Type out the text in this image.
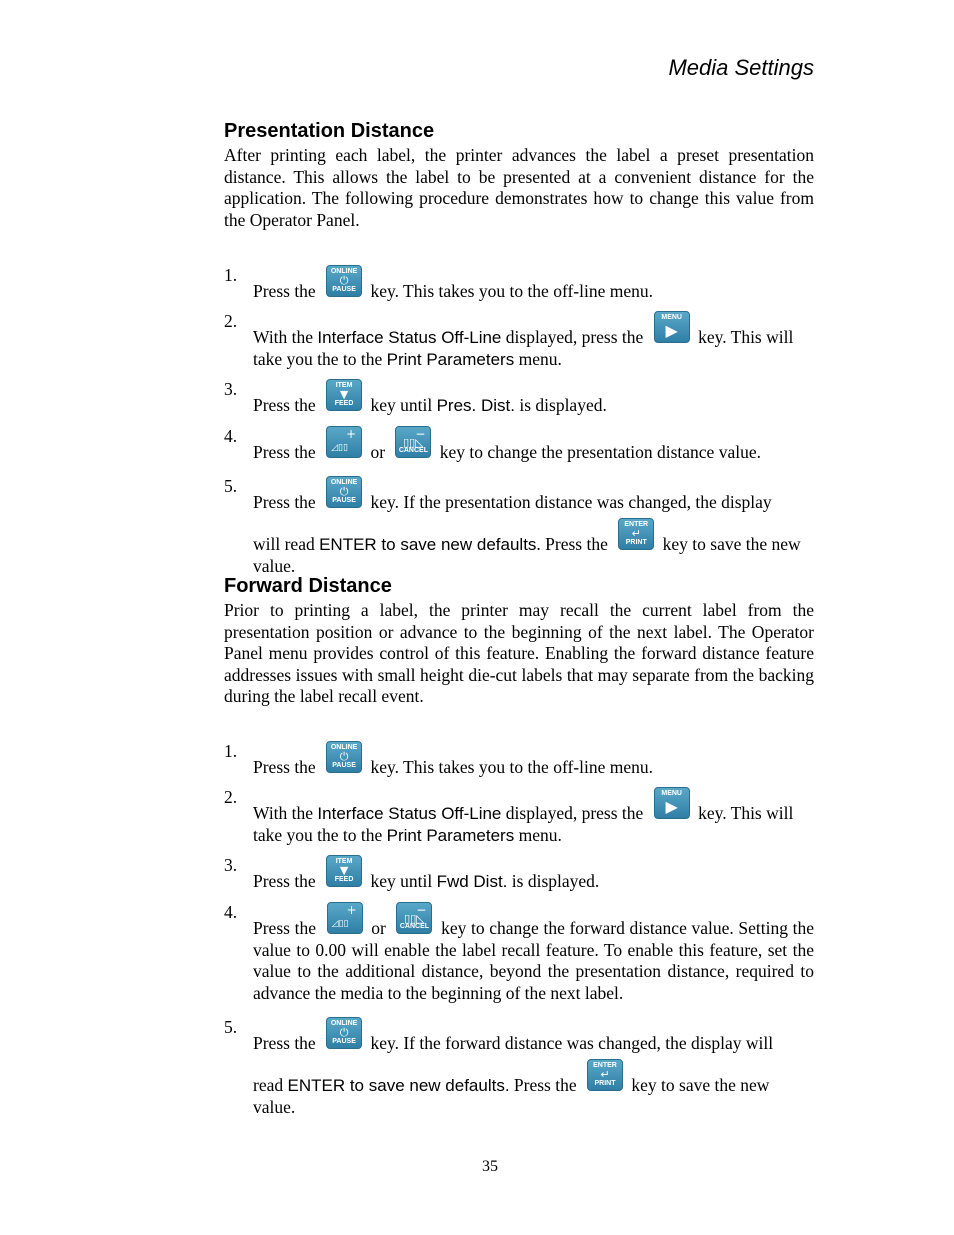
Media Settings
Presentation Distance

After printing each label, the printer advances the label a preset presentation distance. This allows the label to be presented at a convenient distance for the application. The following procedure demonstrates how to change this value from the Operator Panel.

1.
Press the
ONLINE
⏻
PAUSE key. This takes you to the off-line menu.
2.
With the Interface Status Off-Line displayed, press the
MENU
▶	key. This will take you the to the Print Parameters menu.
3.
Press the
ITEM
▼
FEED key until Pres. Dist. is displayed.
4.
Press the
+
◿▯▯ or
−
▯▯◺
CANCEL key to change the presentation distance value.
5.
Press the
ONLINE
⏻
PAUSE key. If the presentation distance was changed, the display
will read ENTER to save new defaults. Press the
ENTER
↵
PRINT key to save the new value.
Forward Distance

Prior to printing a label, the printer may recall the current label from the presentation position or advance to the beginning of the next label. The Operator Panel menu provides control of this feature. Enabling the forward distance feature addresses issues with small height die-cut labels that may separate from the backing during the label recall event.

1.
Press the
ONLINE
⏻
PAUSE key. This takes you to the off-line menu.
2.
With the Interface Status Off-Line displayed, press the
MENU
▶	key. This will take you the to the Print Parameters menu.
3.
Press the
ITEM
▼
FEED key until Fwd Dist. is displayed.
4.
Press the
+
◿▯▯ or
−
▯▯◺
CANCEL key to change the forward distance value. Setting the value to 0.00 will enable the label recall feature. To enable this feature, set the value to the additional distance, beyond the presentation distance, required to advance the media to the beginning of the next label.
5.
Press the
ONLINE
⏻
PAUSE key. If the forward distance was changed, the display will
read ENTER to save new defaults. Press the
ENTER
↵
PRINT key to save the new value.
35
